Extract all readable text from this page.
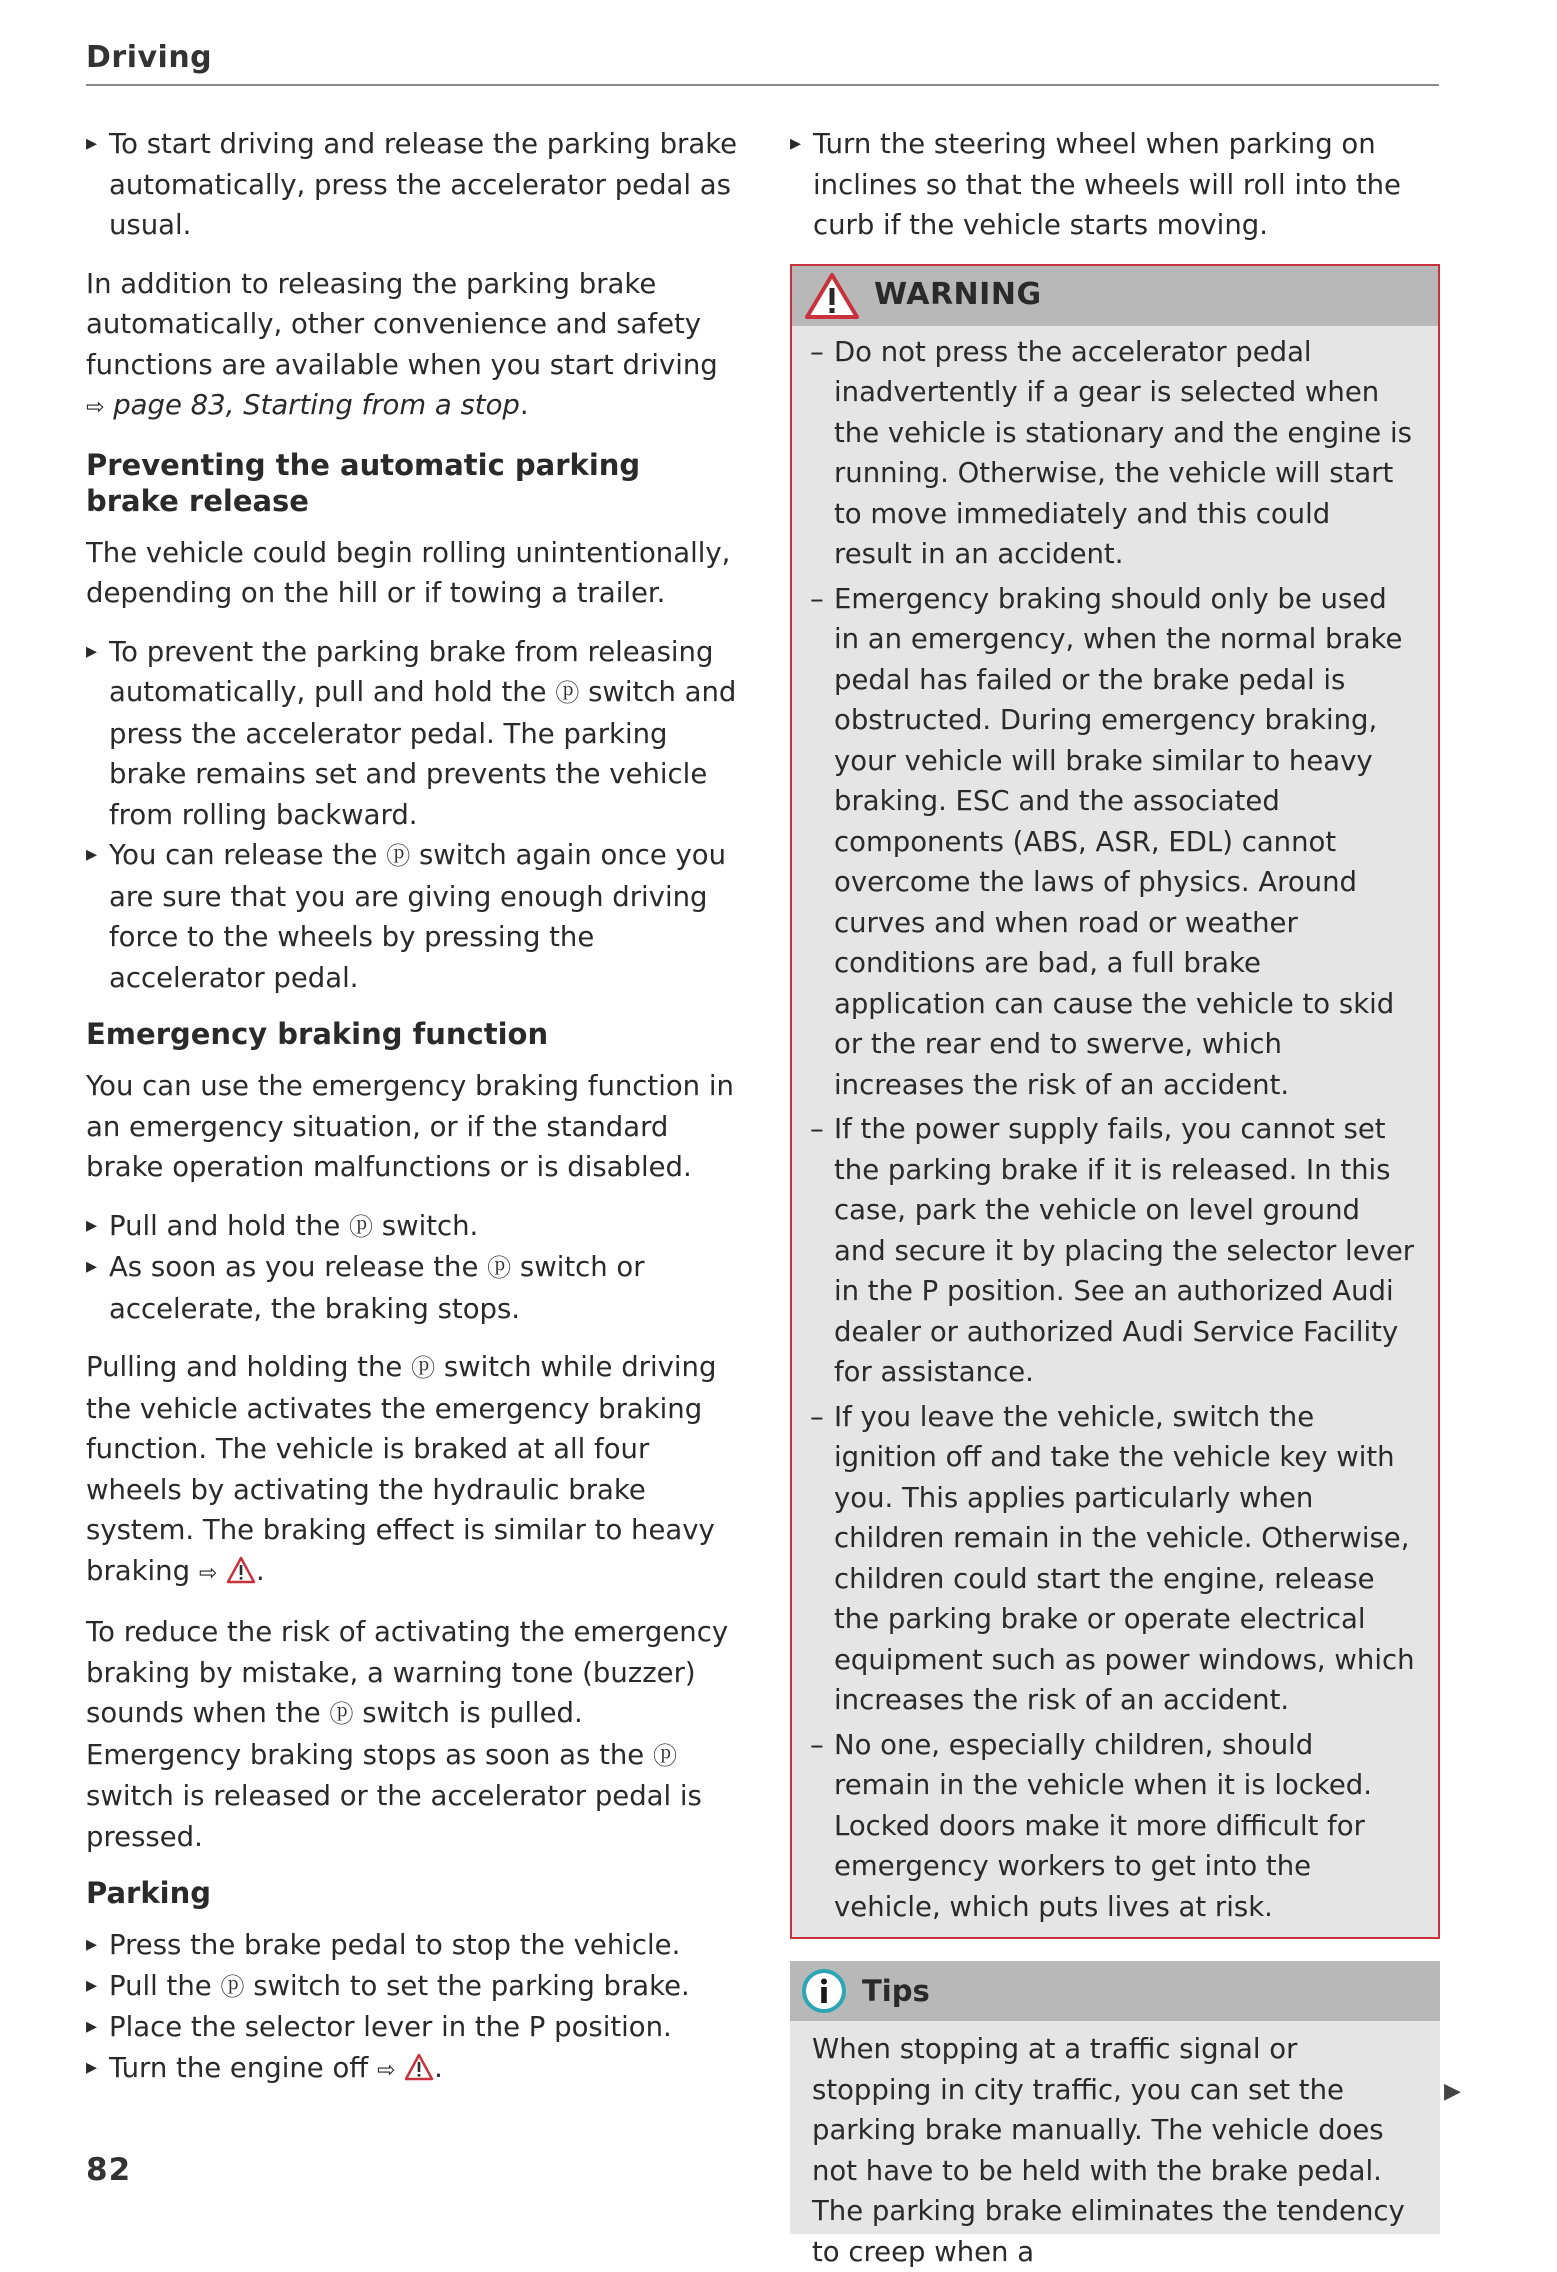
Driving
▸ To start driving and release the parking brake automatically, press the accelerator pedal as usual.

In addition to releasing the parking brake automatically, other convenience and safety functions are available when you start driving ⇨ page 83, Starting from a stop.

Preventing the automatic parking brake release

The vehicle could begin rolling unintentionally, depending on the hill or if towing a trailer.

▸ To prevent the parking brake from releasing automatically, pull and hold the ⓟ switch and press the accelerator pedal. The parking brake remains set and prevents the vehicle from rolling backward.
▸ You can release the ⓟ switch again once you are sure that you are giving enough driving force to the wheels by pressing the accelerator pedal.
Emergency braking function

You can use the emergency braking function in an emergency situation, or if the standard brake operation malfunctions or is disabled.

▸ Pull and hold the ⓟ switch.
▸ As soon as you release the ⓟ switch or accelerate, the braking stops.

Pulling and holding the ⓟ switch while driving the vehicle activates the emergency braking function. The vehicle is braked at all four wheels by activating the hydraulic brake system. The braking effect is similar to heavy braking ⇨ .

To reduce the risk of activating the emergency braking by mistake, a warning tone (buzzer) sounds when the ⓟ switch is pulled. Emergency braking stops as soon as the ⓟ switch is released or the accelerator pedal is pressed.

Parking
▸ Press the brake pedal to stop the vehicle.
▸ Pull the ⓟ switch to set the parking brake.
▸ Place the selector lever in the P position.
▸ Turn the engine off ⇨ .
▸ Turn the steering wheel when parking on inclines so that the wheels will roll into the curb if the vehicle starts moving.
WARNING
– Do not press the accelerator pedal inadvertently if a gear is selected when the vehicle is stationary and the engine is running. Otherwise, the vehicle will start to move immediately and this could result in an accident.
– Emergency braking should only be used in an emergency, when the normal brake pedal has failed or the brake pedal is obstructed. During emergency braking, your vehicle will brake similar to heavy braking. ESC and the associated components (ABS, ASR, EDL) cannot overcome the laws of physics. Around curves and when road or weather conditions are bad, a full brake application can cause the vehicle to skid or the rear end to swerve, which increases the risk of an accident.
– If the power supply fails, you cannot set the parking brake if it is released. In this case, park the vehicle on level ground and secure it by placing the selector lever in the P position. See an authorized Audi dealer or authorized Audi Service Facility for assistance.
– If you leave the vehicle, switch the ignition off and take the vehicle key with you. This applies particularly when children remain in the vehicle. Otherwise, children could start the engine, release the parking brake or operate electrical equipment such as power windows, which increases the risk of an accident.
– No one, especially children, should remain in the vehicle when it is locked. Locked doors make it more difficult for emergency workers to get into the vehicle, which puts lives at risk.
Tips
When stopping at a traffic signal or stopping in city traffic, you can set the parking brake manually. The vehicle does not have to be held with the brake pedal. The parking brake eliminates the tendency to creep when a
▶
82
